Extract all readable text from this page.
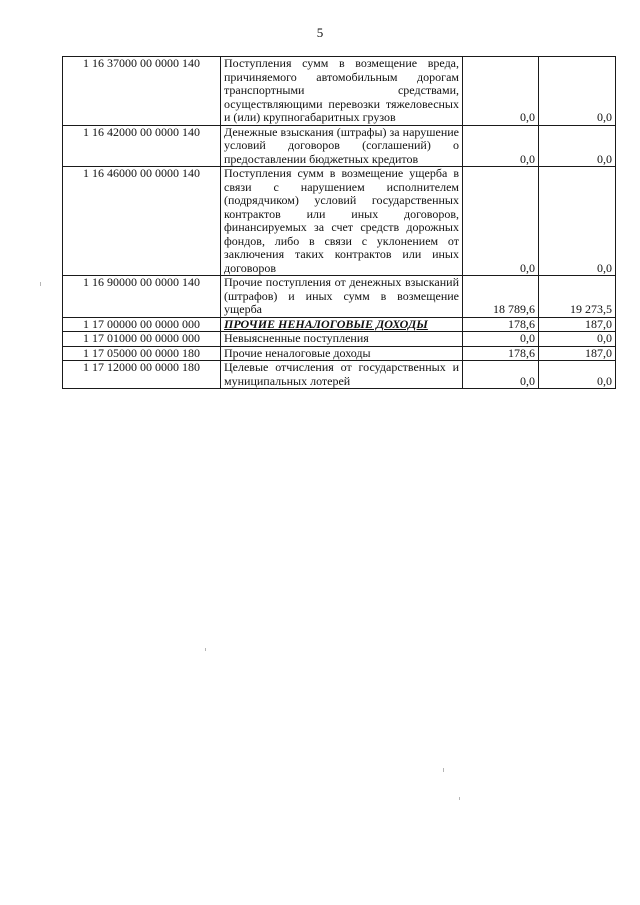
5
1 16 37000 00 0000 140	Поступления сумм в возмещение вреда, причиняемого автомобильным дорогам транспортными средствами, осуществляющими перевозки тяжеловесных и (или) крупногабаритных грузов	0,0	0,0
1 16 42000 00 0000 140	Денежные взыскания (штрафы) за нарушение условий договоров (соглашений) о предоставлении бюджетных кредитов	0,0	0,0
1 16 46000 00 0000 140	Поступления сумм в возмещение ущерба в связи с нарушением исполнителем (подрядчиком) условий государственных контрактов или иных договоров, финансируемых за счет средств дорожных фондов, либо в связи с уклонением от заключения таких контрактов или иных договоров	0,0	0,0
1 16 90000 00 0000 140	Прочие поступления от денежных взысканий (штрафов) и иных сумм в возмещение ущерба	18 789,6	19 273,5
1 17 00000 00 0000 000	ПРОЧИЕ НЕНАЛОГОВЫЕ ДОХОДЫ	178,6	187,0
1 17 01000 00 0000 000	Невыясненные поступления	0,0	0,0
1 17 05000 00 0000 180	Прочие неналоговые доходы	178,6	187,0
1 17 12000 00 0000 180	Целевые отчисления от государственных и муниципальных лотерей	0,0	0,0
